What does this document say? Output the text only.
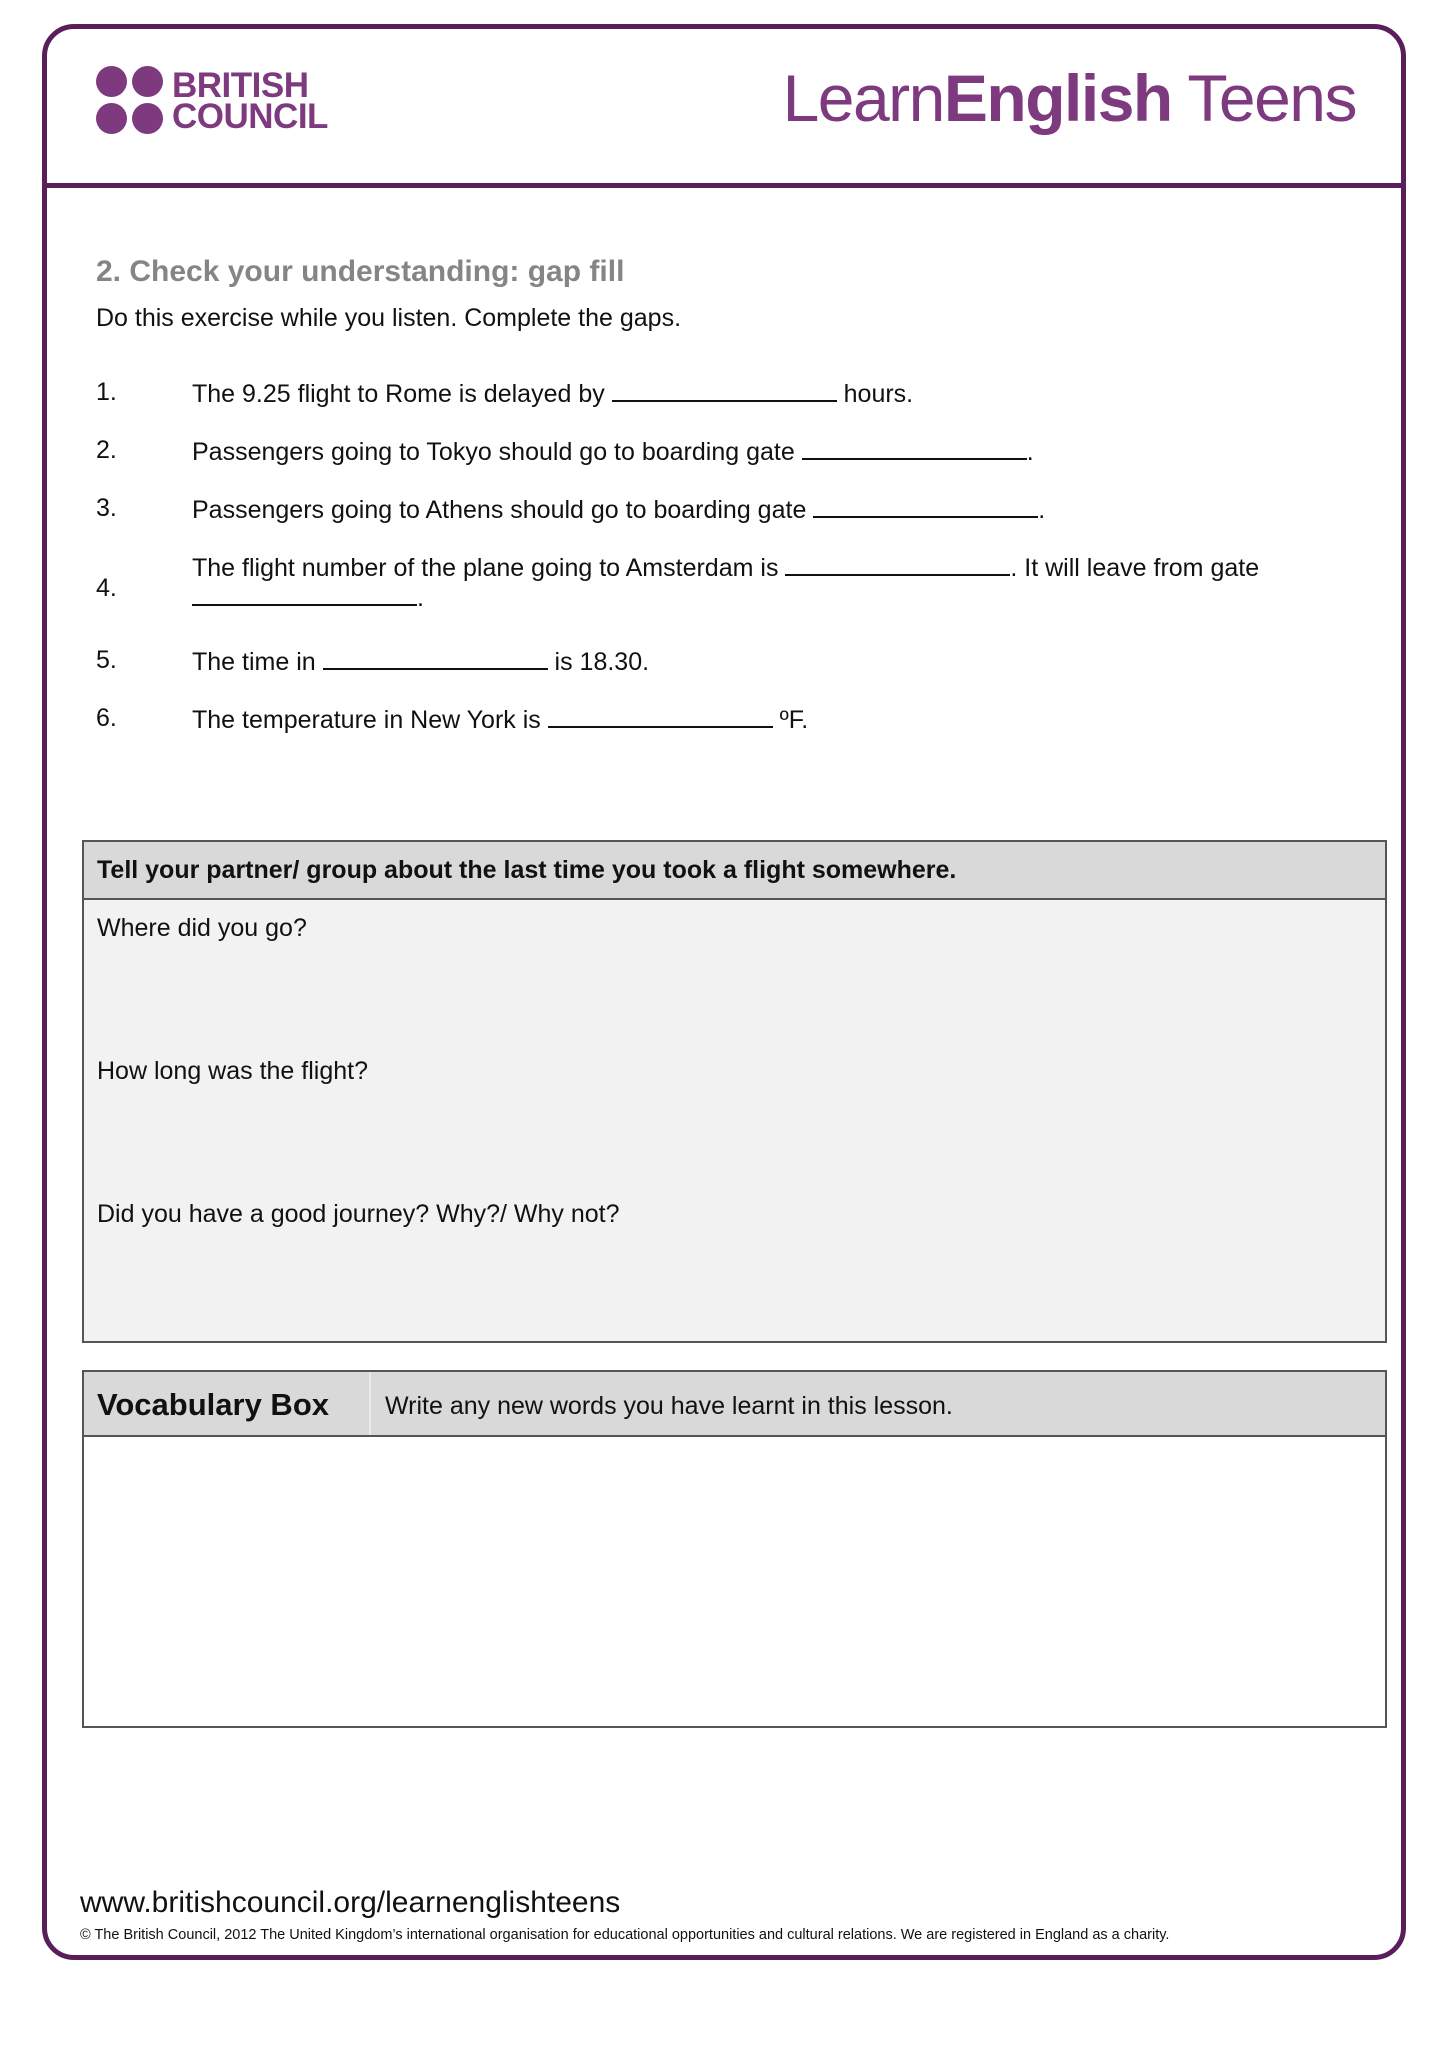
BRITISH
COUNCIL	LearnEnglish Teens
2. Check your understanding: gap fill
Do this exercise while you listen. Complete the gaps.
1.	The 9.25 flight to Rome is delayed by	hours.
2.	Passengers going to Tokyo should go to boarding gate	.
3.	Passengers going to Athens should go to boarding gate	.
4.
The flight number of the plane going to Amsterdam is	. It will leave from gate
.
5.	The time in	is 18.30.
6.	The temperature in New York is	ºF.
Tell your partner/ group about the last time you took a flight somewhere.
Where did you go?
How long was the flight?
Did you have a good journey? Why?/ Why not?
Vocabulary Box Write any new words you have learnt in this lesson.
www.britishcouncil.org/learnenglishteens
© The British Council, 2012 The United Kingdom’s international organisation for educational opportunities and cultural relations. We are registered in England as a charity.
